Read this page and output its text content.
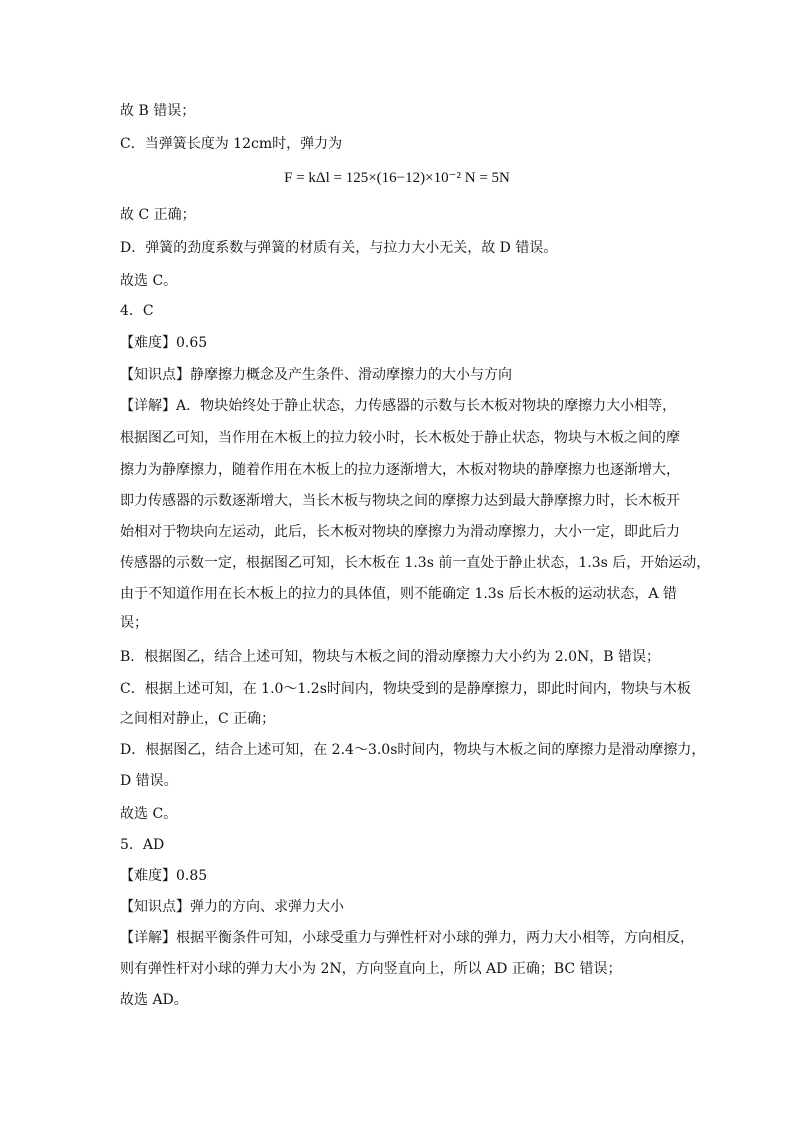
故 B 错误；
C．当弹簧长度为 12cm时，弹力为
F = kΔl = 125×(16−12)×10⁻² N = 5N
故 C 正确；
D．弹簧的劲度系数与弹簧的材质有关，与拉力大小无关，故 D 错误。
故选 C。
4．C
【难度】0.65
【知识点】静摩擦力概念及产生条件、滑动摩擦力的大小与方向
【详解】A．物块始终处于静止状态，力传感器的示数与长木板对物块的摩擦力大小相等，
根据图乙可知，当作用在木板上的拉力较小时，长木板处于静止状态，物块与木板之间的摩
擦力为静摩擦力，随着作用在木板上的拉力逐渐增大，木板对物块的静摩擦力也逐渐增大，
即力传感器的示数逐渐增大，当长木板与物块之间的摩擦力达到最大静摩擦力时，长木板开
始相对于物块向左运动，此后，长木板对物块的摩擦力为滑动摩擦力，大小一定，即此后力
传感器的示数一定，根据图乙可知，长木板在 1.3s 前一直处于静止状态，1.3s 后，开始运动，
由于不知道作用在长木板上的拉力的具体值，则不能确定 1.3s 后长木板的运动状态，A 错
误；
B．根据图乙，结合上述可知，物块与木板之间的滑动摩擦力大小约为 2.0N，B 错误；
C．根据上述可知，在 1.0～1.2s时间内，物块受到的是静摩擦力，即此时间内，物块与木板
之间相对静止，C 正确；
D．根据图乙，结合上述可知，在 2.4～3.0s时间内，物块与木板之间的摩擦力是滑动摩擦力，
D 错误。
故选 C。
5．AD
【难度】0.85
【知识点】弹力的方向、求弹力大小
【详解】根据平衡条件可知，小球受重力与弹性杆对小球的弹力，两力大小相等，方向相反，
则有弹性杆对小球的弹力大小为 2N，方向竖直向上，所以 AD 正确；BC 错误；
故选 AD。
